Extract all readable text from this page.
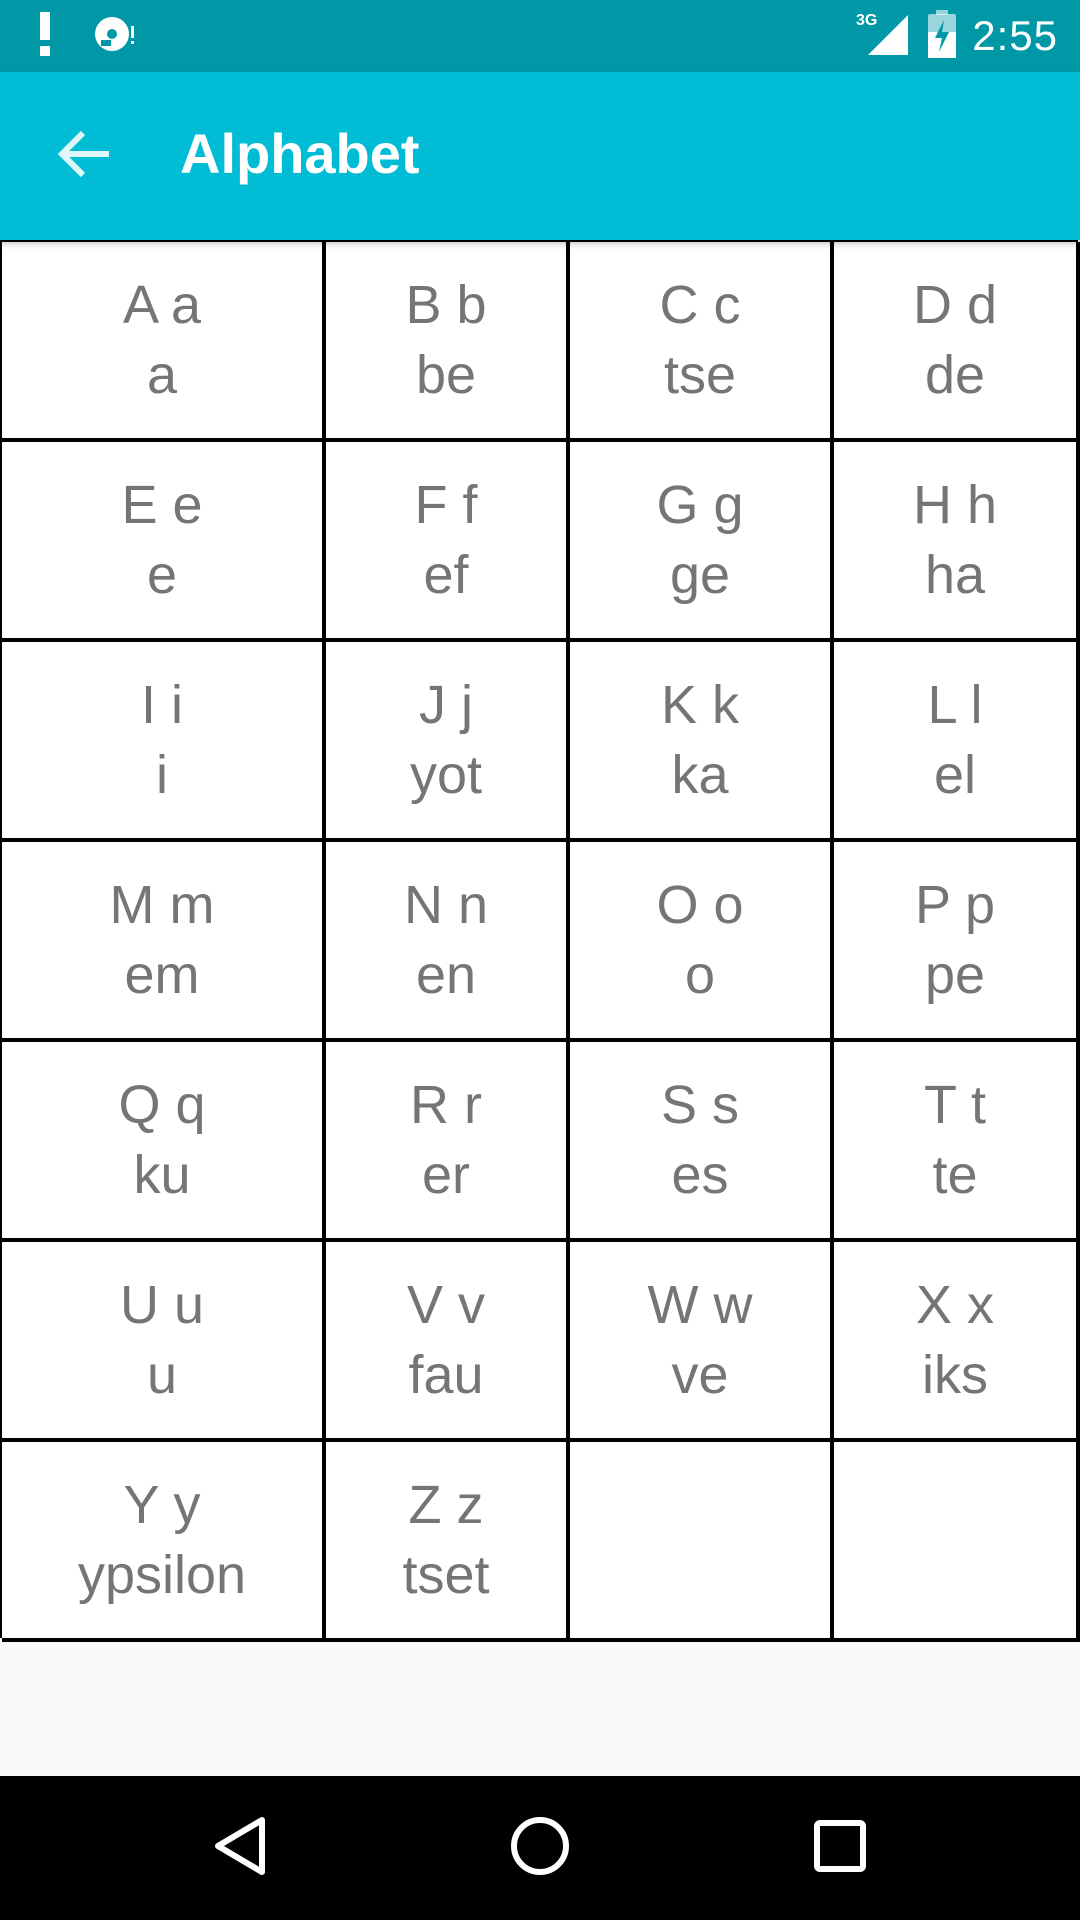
3G 2:55
Alphabet
A a
a
B b
be
C c
tse
D d
de
E e
e
F f
ef
G g
ge
H h
ha
I i
i
J j
yot
K k
ka
L l
el
M m
em
N n
en
O o
o
P p
pe
Q q
ku
R r
er
S s
es
T t
te
U u
u
V v
fau
W w
ve
X x
iks
Y y
ypsilon
Z z
tset
